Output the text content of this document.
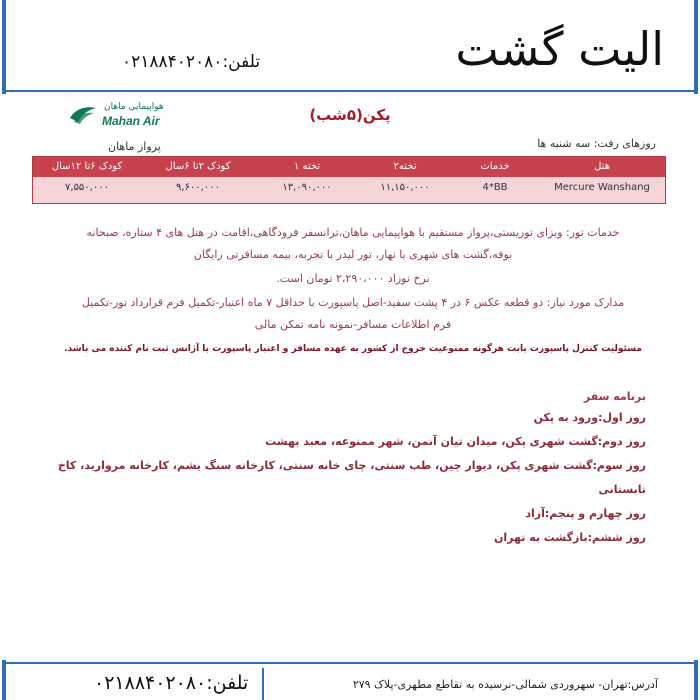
الیت گشت
تلفن:۰۲۱۸۸۴۰۲۰۸۰
هواپیمایی ماهان
Mahan Air	پکن(۵شب)
روزهای رفت: سه شنبه ها
پرواز ماهان
هتل
خدمات
۲تخته
۱ تخته
کودک ۲تا ۶سال
کودک ۶تا ۱۲سال
Mercure Wanshang
4*BB
۱۱,۱۵۰,۰۰۰
۱۳,۰۹۰,۰۰۰
۹,۶۰۰,۰۰۰
۷,۵۵۰,۰۰۰
خدمات تور: ویزای توریستی،پرواز مستقیم با هواپیمایی ماهان،ترانسفر فرودگاهی،اقامت در هتل های ۴ ستاره، صبحانه
بوفه،گشت های شهری با نهار، تور لیدر با تجربه، بیمه مسافرتی رایگان
نرخ نوزاد ۲،۲۹۰،۰۰۰ تومان است.
مدارک مورد نیاز: دو قطعه عکس ۶ در ۴ پشت سفید-اصل پاسپورت با حداقل ۷ ماه اعتبار-تکمیل فرم قرارداد تور-تکمیل
فرم اطلاعات مسافر-نمونه نامه تمکن مالی
مسئولیت کنترل پاسپورت بابت هرگونه ممنوعیت خروج از کشور به عهده مسافر و اعتبار پاسپورت با آژانس ثبت نام کننده می باشد.
برنامه سفر
روز اول:ورود به پکن
روز دوم:گشت شهری پکن، میدان تیان آنمن، شهر ممنوعه، معبد بهشت
روز سوم:گشت شهری پکن، دیوار چین، طب سنتی، چای خانه سنتی، کارخانه سنگ یشم، کارخانه مروارید، کاخ تابستانی
روز چهارم و پنجم:آزاد
روز ششم:بازگشت به تهران
تلفن:۰۲۱۸۸۴۰۲۰۸۰	آدرس:تهران- سهروردی شمالی-نرسیده به تقاطع مطهری-پلاک ۲۷۹
